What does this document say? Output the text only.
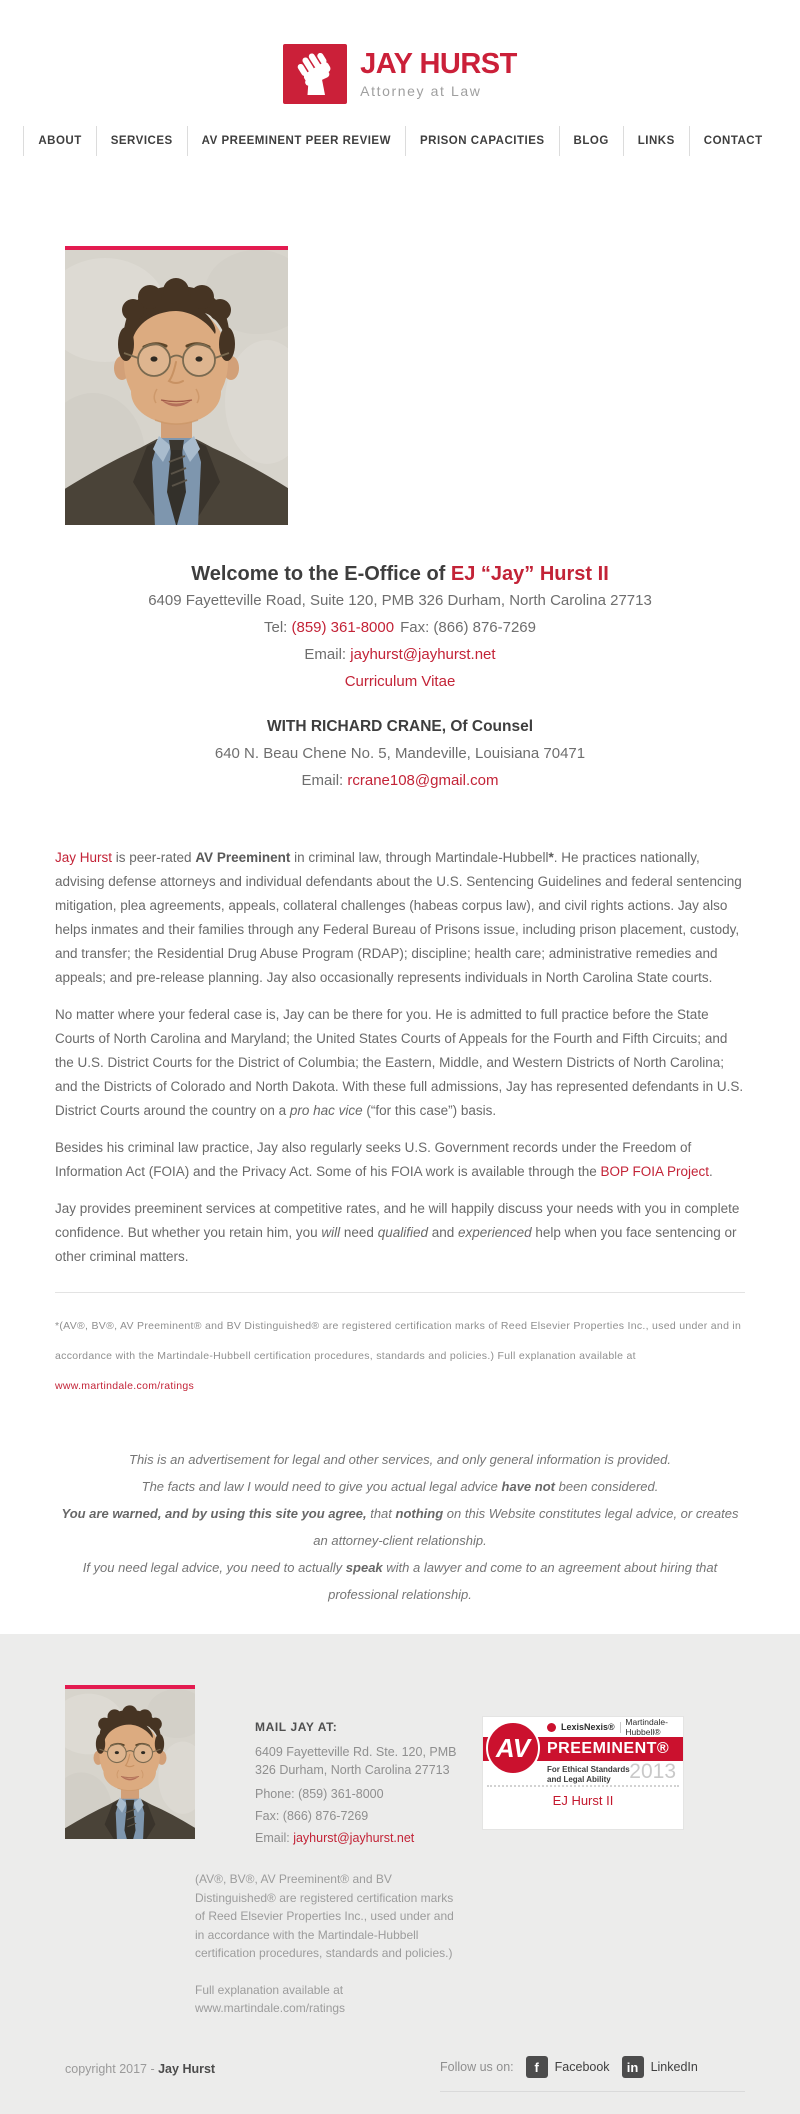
JAY HURST
Attorney at Law
ABOUT	SERVICES	AV PREEMINENT PEER REVIEW	PRISON CAPACITIES	BLOG	LINKS	CONTACT
Welcome to the E-Office of EJ “Jay” Hurst II
6409 Fayetteville Road, Suite 120, PMB 326 Durham, North Carolina 27713
Tel: (859) 361-8000 Fax: (866) 876-7269
Email: jayhurst@jayhurst.net
Curriculum Vitae
WITH RICHARD CRANE, Of Counsel
640 N. Beau Chene No. 5, Mandeville, Louisiana 70471
Email: rcrane108@gmail.com

Jay Hurst is peer-rated AV Preeminent in criminal law, through Martindale-Hubbell*. He practices nationally, advising defense attorneys and individual defendants about the U.S. Sentencing Guidelines and federal sentencing mitigation, plea agreements, appeals, collateral challenges (habeas corpus law), and civil rights actions. Jay also helps inmates and their families through any Federal Bureau of Prisons issue, including prison placement, custody, and transfer; the Residential Drug Abuse Program (RDAP); discipline; health care; administrative remedies and appeals; and pre-release planning. Jay also occasionally represents individuals in North Carolina State courts.

No matter where your federal case is, Jay can be there for you. He is admitted to full practice before the State Courts of North Carolina and Maryland; the United States Courts of Appeals for the Fourth and Fifth Circuits; and the U.S. District Courts for the District of Columbia; the Eastern, Middle, and Western Districts of North Carolina; and the Districts of Colorado and North Dakota. With these full admissions, Jay has represented defendants in U.S. District Courts around the country on a pro hac vice (“for this case”) basis.

Besides his criminal law practice, Jay also regularly seeks U.S. Government records under the Freedom of Information Act (FOIA) and the Privacy Act. Some of his FOIA work is available through the BOP FOIA Project.

Jay provides preeminent services at competitive rates, and he will happily discuss your needs with you in complete confidence. But whether you retain him, you will need qualified and experienced help when you face sentencing or other criminal matters.

*(AV®, BV®, AV Preeminent® and BV Distinguished® are registered certification marks of Reed Elsevier Properties Inc., used under and in accordance with the Martindale-Hubbell certification procedures, standards and policies.) Full explanation available at www.martindale.com/ratings
This is an advertisement for legal and other services, and only general information is provided.
The facts and law I would need to give you actual legal advice have not been considered.
You are warned, and by using this site you agree, that nothing on this Website constitutes legal advice, or creates an attorney-client relationship.
If you need legal advice, you need to actually speak with a lawyer and come to an agreement about hiring that professional relationship.
MAIL JAY AT:
6409 Fayetteville Rd. Ste. 120, PMB
326 Durham, North Carolina 27713
Phone: (859) 361-8000
Fax: (866) 876-7269
Email: jayhurst@jayhurst.net
LexisNexis® Martindale-Hubbell®
PREEMINENT®
AV
For Ethical Standards
and Legal Ability 2013
EJ Hurst II
(AV®, BV®, AV Preeminent® and BV Distinguished® are registered certification marks of Reed Elsevier Properties Inc., used under and in accordance with the Martindale-Hubbell certification procedures, standards and policies.)
Full explanation available at
www.martindale.com/ratings
copyright 2017 - Jay Hurst	Follow us on:	f	Facebook	in LinkedIn
